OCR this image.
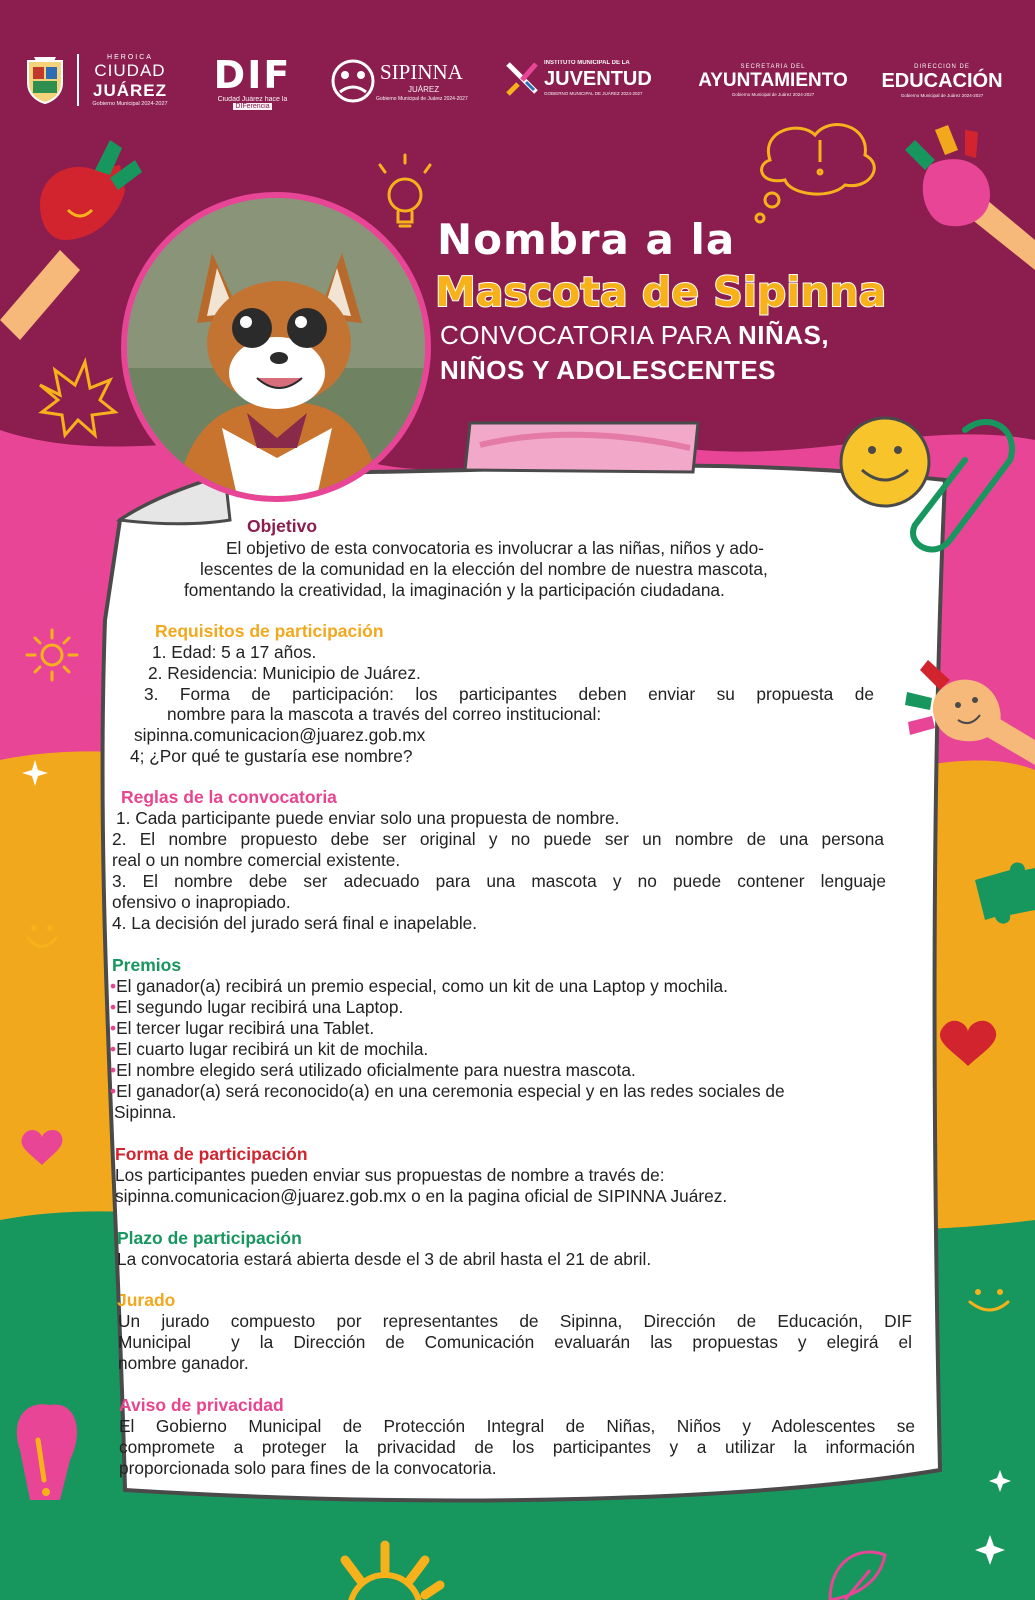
HEROICA
CIUDAD
JUÁREZ
Gobierno Municipal 2024-2027
DIF
Ciudad Juárez hace la DIFerencia
SIPINNA
JUÁREZ
Gobierno Municipal de Juárez 2024-2027
INSTITUTO MUNICIPAL DE LA
JUVENTUD
GOBIERNO MUNICIPAL DE JUÁREZ 2024-2027
SECRETARÍA DEL
AYUNTAMIENTO
Gobierno Municipal de Juárez 2024-2027
DIRECCIÓN DE
EDUCACIÓN
Gobierno Municipal de Juárez 2024-2027
Nombra a la
Mascota de Sipinna
CONVOCATORIA PARA NIÑAS,
NIÑOS Y ADOLESCENTES
Objetivo
El objetivo de esta convocatoria es involucrar a las niñas, niños y ado-
lescentes de la comunidad en la elección del nombre de nuestra mascota,
fomentando la creatividad, la imaginación y la participación ciudadana.
Requisitos de participación
1. Edad: 5 a 17 años.
2. Residencia: Municipio de Juárez.
3. Forma de participación: los participantes deben enviar su propuesta de
nombre para la mascota a través del correo institucional:
sipinna.comunicacion@juarez.gob.mx
4; ¿Por qué te gustaría ese nombre?
Reglas de la convocatoria
1. Cada participante puede enviar solo una propuesta de nombre.
2. El nombre propuesto debe ser original y no puede ser un nombre de una persona
real o un nombre comercial existente.
3. El nombre debe ser adecuado para una mascota y no puede contener lenguaje
ofensivo o inapropiado.
4. La decisión del jurado será final e inapelable.
Premios
•El ganador(a) recibirá un premio especial, como un kit de una Laptop y mochila.
•El segundo lugar recibirá una Laptop.
•El tercer lugar recibirá una Tablet.
•El cuarto lugar recibirá un kit de mochila.
•El nombre elegido será utilizado oficialmente para nuestra mascota.
•El ganador(a) será reconocido(a) en una ceremonia especial y en las redes sociales de
Sipinna.
Forma de participación
Los participantes pueden enviar sus propuestas de nombre a través de:
sipinna.comunicacion@juarez.gob.mx o en la pagina oficial de SIPINNA Juárez.
Plazo de participación
La convocatoria estará abierta desde el 3 de abril hasta el 21 de abril.
Jurado
Un jurado compuesto por representantes de Sipinna, Dirección de Educación, DIF
Municipal  y la Dirección de Comunicación evaluarán las propuestas y elegirá el
nombre ganador.
Aviso de privacidad
El Gobierno Municipal de Protección Integral de Niñas, Niños y Adolescentes se
compromete a proteger la privacidad de los participantes y a utilizar la información
proporcionada solo para fines de la convocatoria.
